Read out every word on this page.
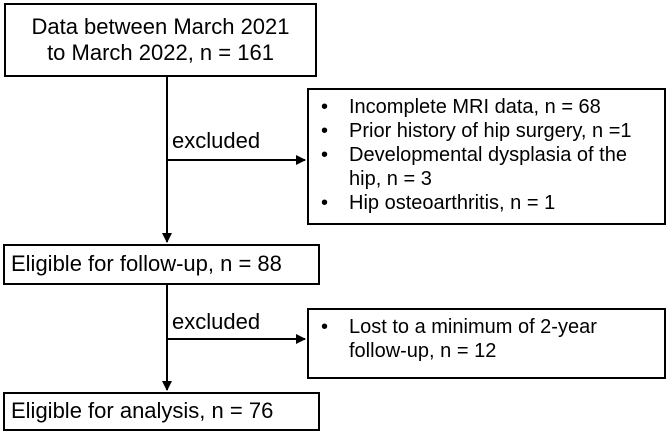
Data between March 2021
to March 2022, n = 161
excluded
• Incomplete MRI data, n = 68
• Prior history of hip surgery, n =1
• Developmental dysplasia of the hip, n = 3
• Hip osteoarthritis, n = 1
Eligible for follow-up, n = 88
excluded	• Lost to a minimum of 2-year follow-up, n = 12
Eligible for analysis, n = 76
